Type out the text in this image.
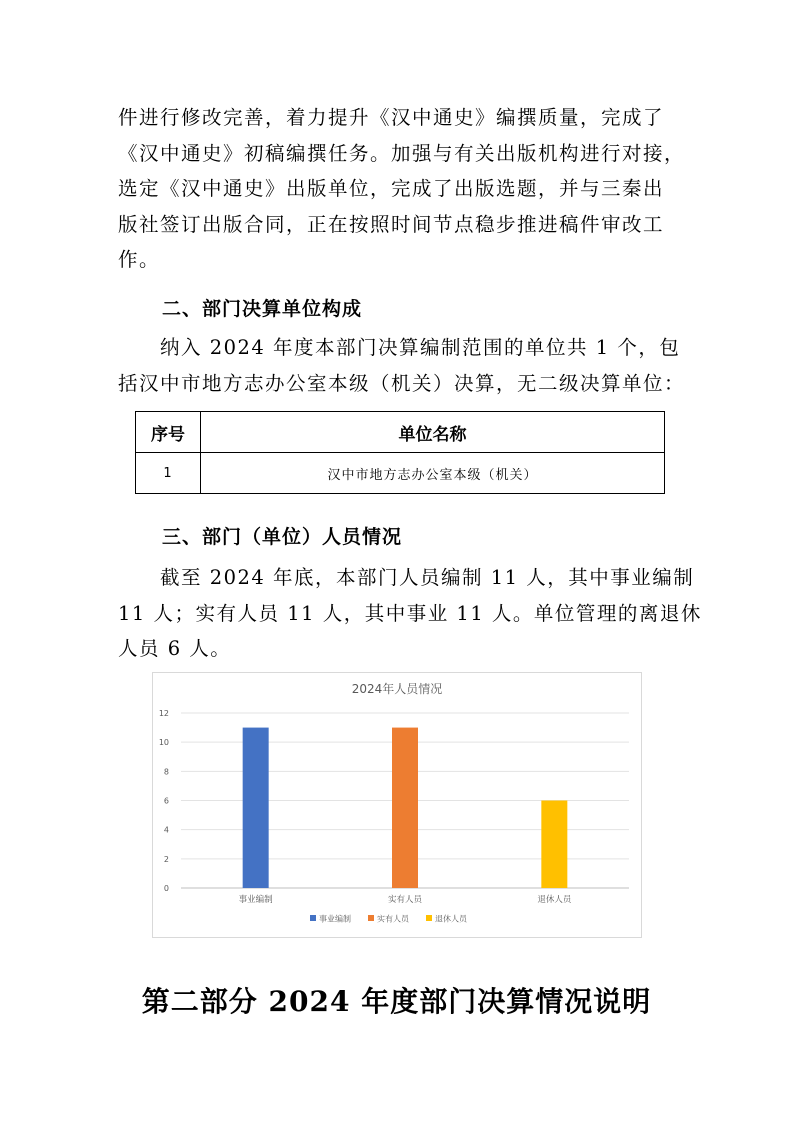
件进行修改完善，着力提升《汉中通史》编撰质量，完成了
《汉中通史》初稿编撰任务。加强与有关出版机构进行对接，
选定《汉中通史》出版单位，完成了出版选题，并与三秦出
版社签订出版合同，正在按照时间节点稳步推进稿件审改工
作。

二、部门决算单位构成

纳入 2024 年度本部门决算编制范围的单位共 1 个，包
括汉中市地方志办公室本级（机关）决算，无二级决算单位：

序号	单位名称
1	汉中市地方志办公室本级（机关）
三、部门（单位）人员情况

截至 2024 年底，本部门人员编制 11 人，其中事业编制
11 人；实有人员 11 人，其中事业 11 人。单位管理的离退休
人员 6 人。

2024年人员情况
0
2
4
6
8
10
12
事业编制	实有人员	退休人员
事业编制	实有人员	退休人员
第二部分 2024 年度部门决算情况说明
